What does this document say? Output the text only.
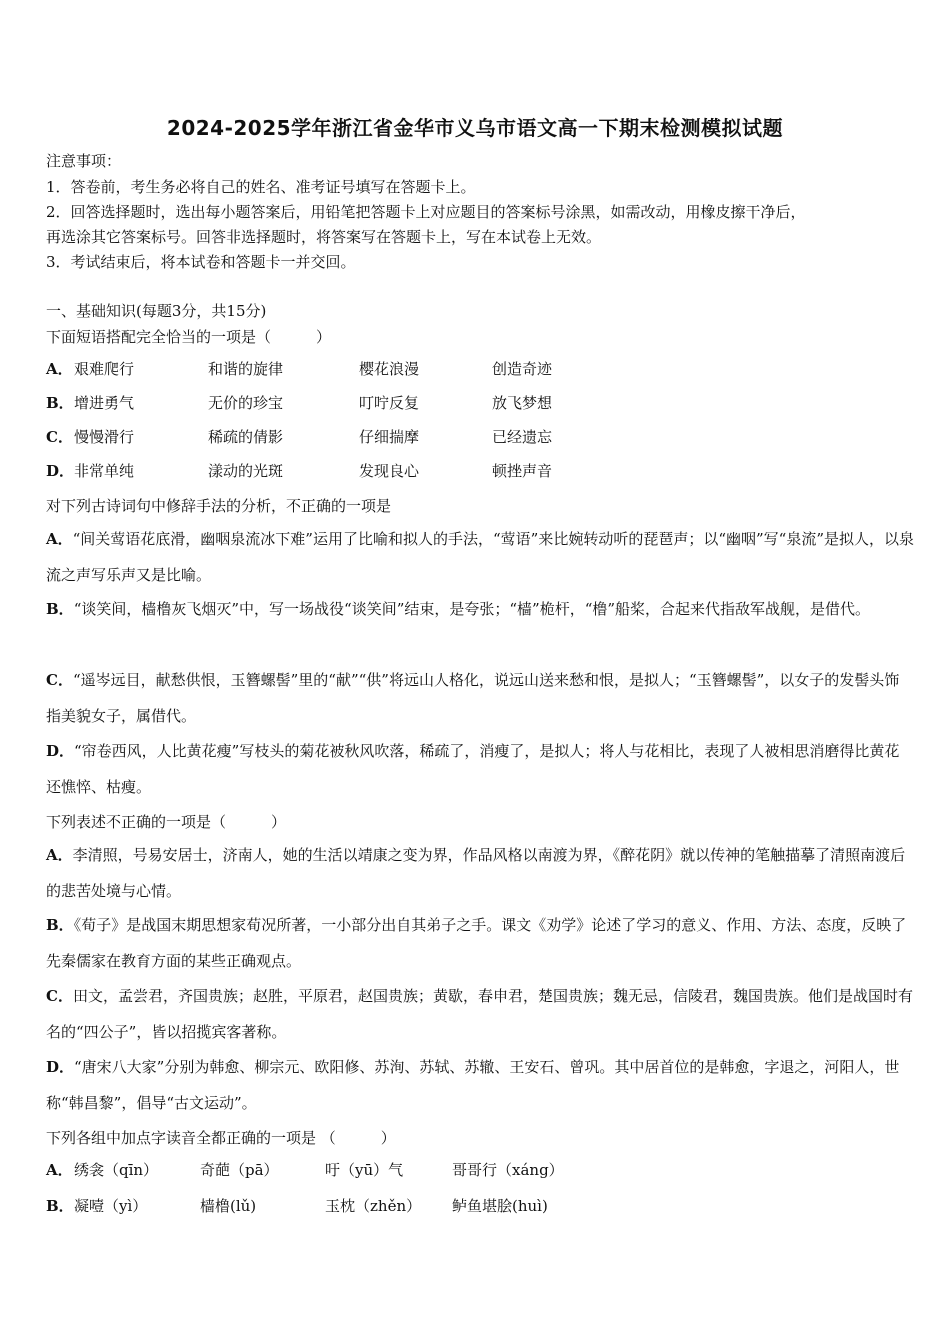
2024-2025学年浙江省金华市义乌市语文高一下期末检测模拟试题
注意事项：
1．答卷前，考生务必将自己的姓名、准考证号填写在答题卡上。
2．回答选择题时，选出每小题答案后，用铅笔把答题卡上对应题目的答案标号涂黑，如需改动，用橡皮擦干净后，
再选涂其它答案标号。回答非选择题时，将答案写在答题卡上，写在本试卷上无效。
3．考试结束后，将本试卷和答题卡一并交回。
一、基础知识(每题3分，共15分)
下面短语搭配完全恰当的一项是（　　　）
A． 艰难爬行	和谐的旋律	樱花浪漫	创造奇迹
B． 增进勇气	无价的珍宝	叮咛反复	放飞梦想
C． 慢慢滑行	稀疏的倩影	仔细揣摩	已经遗忘
D． 非常单纯	漾动的光斑	发现良心	顿挫声音
对下列古诗词句中修辞手法的分析，不正确的一项是
A．“间关莺语花底滑，幽咽泉流冰下难”运用了比喻和拟人的手法，“莺语”来比婉转动听的琵琶声；以“幽咽”写“泉流”是拟人，以泉流之声写乐声又是比喻。
B．“谈笑间，樯橹灰飞烟灭”中，写一场战役“谈笑间”结束，是夸张；“樯”桅杆，“橹”船桨，合起来代指敌军战舰，是借代。
C．“遥岑远目，献愁供恨，玉簪螺髻”里的“献”“供”将远山人格化，说远山送来愁和恨，是拟人；“玉簪螺髻”，以女子的发髻头饰指美貌女子，属借代。
D．“帘卷西风，人比黄花瘦”写枝头的菊花被秋风吹落，稀疏了，消瘦了，是拟人；将人与花相比，表现了人被相思消磨得比黄花还憔悴、枯瘦。
下列表述不正确的一项是（　　　）
A．李清照，号易安居士，济南人，她的生活以靖康之变为界，作品风格以南渡为界，《醉花阴》就以传神的笔触描摹了清照南渡后的悲苦处境与心情。
B．《荀子》是战国末期思想家荀况所著，一小部分出自其弟子之手。课文《劝学》论述了学习的意义、作用、方法、态度，反映了先秦儒家在教育方面的某些正确观点。
C．田文，孟尝君，齐国贵族；赵胜，平原君，赵国贵族；黄歇，春申君，楚国贵族；魏无忌，信陵君，魏国贵族。他们是战国时有名的“四公子”，皆以招揽宾客著称。
D．“唐宋八大家”分别为韩愈、柳宗元、欧阳修、苏洵、苏轼、苏辙、王安石、曾巩。其中居首位的是韩愈，字退之，河阳人，世称“韩昌黎”，倡导“古文运动”。
下列各组中加点字读音全都正确的一项是 （　　　）
A． 绣衾（qīn）	奇葩（pā）	吁（yū）气	哥哥行（xáng）
B． 凝噎（yì）	樯橹(lǔ)	玉枕（zhěn） 鲈鱼堪脍(huì)
